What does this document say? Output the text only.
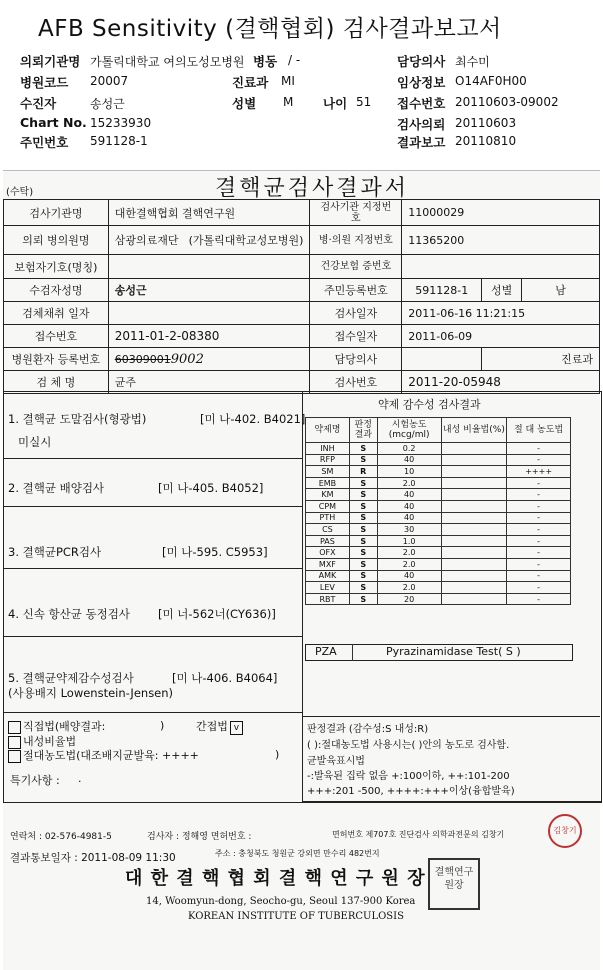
AFB Sensitivity (결핵협회) 검사결과보고서
의뢰기관명 가톨릭대학교 여의도성모병원 병동 / -	담당의사 최수미
병원코드 20007	진료과 MI	임상정보 O14AF0H00
수진자	송성근	성별 M 나이 51 접수번호 20110603-09002
Chart No. 15233930	검사의뢰 20110603
주민번호 591128-1	결과보고 20110810
(수탁)	결핵균검사결과서
검사기관명	대한결핵협회 결핵연구원	검사기관 지정번호	11000029		
의뢰 병의원명	삼광의료재단 (가톨릭대학교성모병원)	병·의원 지정번호	11365200		
보험자기호(명칭)		건강보험 증번호			
수검자성명	송성근	주민등록번호	591128-1	성별	남
검체채취 일자		검사일자	2011-06-16 11:21:15		
접수번호	2011-01-2-08380	접수일자	2011-06-09		
병원환자 등록번호	603090019002	담당의사		진료과	
검 체 명	균주	검사번호	2011-20-05948		
약제 감수성 검사결과
1. 결핵균 도말검사(형광법)	[미 나-402. B4021]
미실시
2. 결핵균 배양검사	[미 나-405. B4052]
3. 결핵균PCR검사	[미 나-595. C5953]
4. 신속 항산균 동정검사 [미 너-562너(CY636)]
5. 결핵균약제감수성검사	[미 나-406. B4064]
(사용배지 Lowenstein-Jensen)
약제명	판정 결과	시험농도 (mcg/ml)	내성 비율법(%)	절 대 농도법
INH	S	0.2		-
RFP	S	40		-
SM	R	10		++++
EMB	S	2.0		-
KM	S	40		-
CPM	S	40		-
PTH	S	40		-
CS	S	30		-
PAS	S	1.0		-
OFX	S	2.0		-
MXF	S	2.0		-
AMK	S	40		-
LEV	S	2.0		-
RBT	S	20		-
PZA	Pyrazinamidase Test( S )
직접법(배양결과:	)	간접법 v
내성비율법
절대농도법(대조배지균발육: ++++	)
특기사항 : .
판정결과 (감수성:S 내성:R)
( ):절대농도법 사용시는( )안의 농도로 검사함.
균발육표시법
-:발육된 집락 없음 +:100이하, ++:101-200
+++:201 -500, ++++:+++이상(융합발육)
연락처 : 02-576-4981-5	검사자 : 정해영 면허번호 :	면허번호 제707호 진단검사 의학과전문의 김창기	김창기
결과통보일자 : 2011-08-09 11:30	주소 : 충청북도 청원군 강외면 만수리 482번지
대 한 결 핵 협 회 결 핵 연 구 원 장
14, Woomyun-dong, Seocho-gu, Seoul 137-900 Korea
KOREAN INSTITUTE OF TUBERCULOSIS
결핵연구원장
